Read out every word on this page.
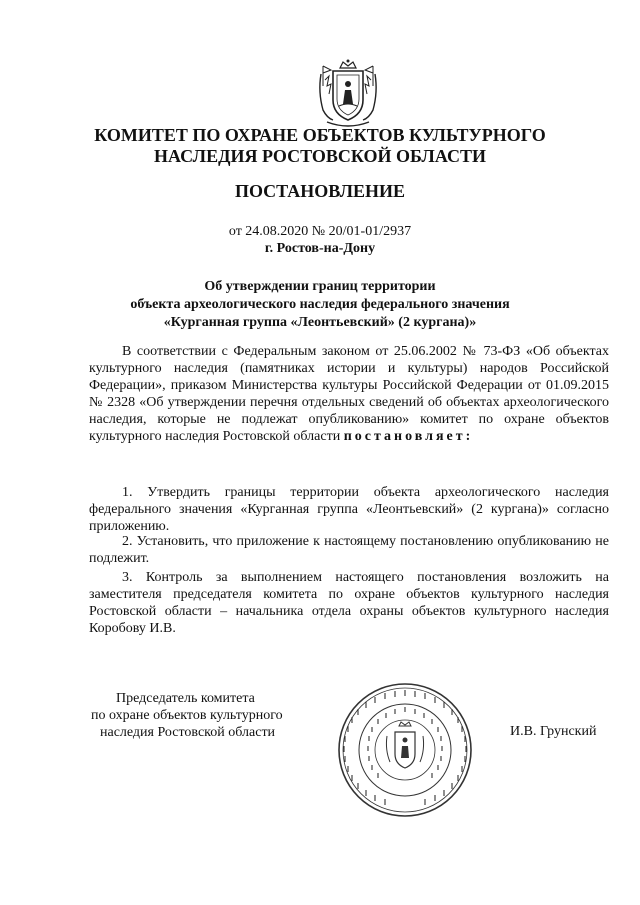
КОМИТЕТ ПО ОХРАНЕ ОБЪЕКТОВ КУЛЬТУРНОГО
НАСЛЕДИЯ РОСТОВСКОЙ ОБЛАСТИ
ПОСТАНОВЛЕНИЕ
от 24.08.2020 № 20/01-01/2937
г. Ростов-на-Дону
Об утверждении границ территории
объекта археологического наследия федерального значения
«Курганная группа «Леонтьевский» (2 кургана)»
В соответствии с Федеральным законом от 25.06.2002 № 73-ФЗ «Об объектах культурного наследия (памятниках истории и культуры) народов Российской Федерации», приказом Министерства культуры Российской Федерации от 01.09.2015 № 2328 «Об утверждении перечня отдельных сведений об объектах археологического наследия, которые не подлежат опубликованию» комитет по охране объектов культурного наследия Ростовской области постановляет:
1. Утвердить границы территории объекта археологического наследия федерального значения «Курганная группа «Леонтьевский» (2 кургана)» согласно приложению.
2. Установить, что приложение к настоящему постановлению опубликованию не подлежит.
3. Контроль за выполнением настоящего постановления возложить на заместителя председателя комитета по охране объектов культурного наследия Ростовской области – начальника отдела охраны объектов культурного наследия Коробову И.В.
Председатель комитета
по охране объектов культурного
наследия Ростовской области	И.В. Грунский
